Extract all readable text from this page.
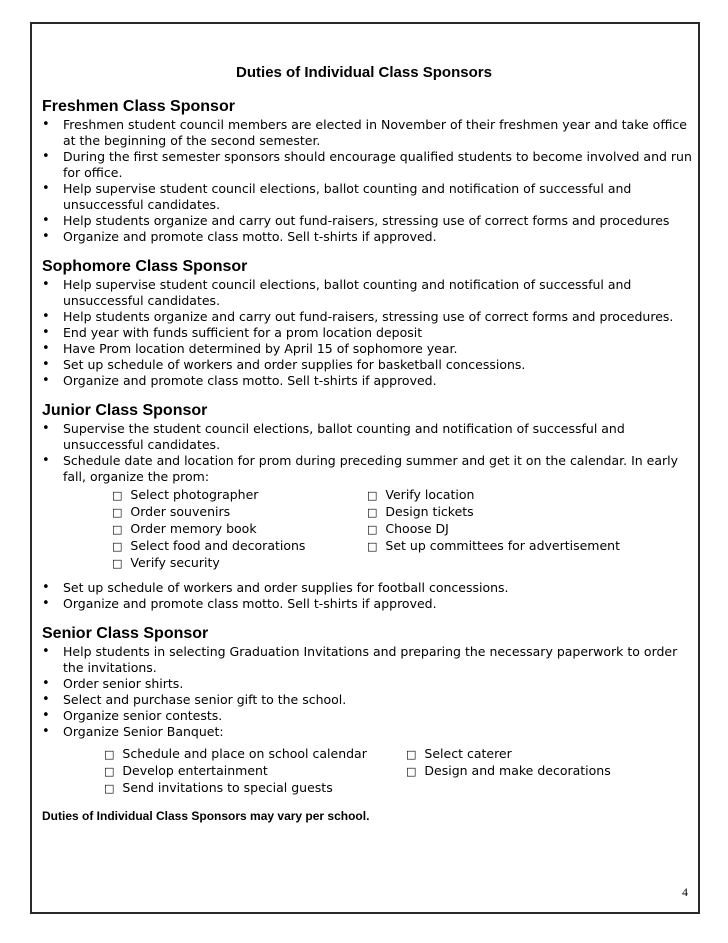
Duties of Individual Class Sponsors
Freshmen Class Sponsor
• Freshmen student council members are elected in November of their freshmen year and take office at the beginning of the second semester.
• During the first semester sponsors should encourage qualified students to become involved and run for office.
• Help supervise student council elections, ballot counting and notification of successful and unsuccessful candidates.
• Help students organize and carry out fund-raisers, stressing use of correct forms and procedures
• Organize and promote class motto. Sell t-shirts if approved.
Sophomore Class Sponsor
• Help supervise student council elections, ballot counting and notification of successful and unsuccessful candidates.
• Help students organize and carry out fund-raisers, stressing use of correct forms and procedures.
• End year with funds sufficient for a prom location deposit
• Have Prom location determined by April 15 of sophomore year.
• Set up schedule of workers and order supplies for basketball concessions.
• Organize and promote class motto. Sell t-shirts if approved.
Junior Class Sponsor
• Supervise the student council elections, ballot counting and notification of successful and unsuccessful candidates.
• Schedule date and location for prom during preceding summer and get it on the calendar. In early fall, organize the prom:
□ Select photographer	□ Verify location
□ Order souvenirs	□ Design tickets
□ Order memory book	□ Choose DJ
□ Select food and decorations	□ Set up committees for advertisement
□ Verify security
• Set up schedule of workers and order supplies for football concessions.
• Organize and promote class motto. Sell t-shirts if approved.
Senior Class Sponsor
• Help students in selecting Graduation Invitations and preparing the necessary paperwork to order the invitations.
• Order senior shirts.
• Select and purchase senior gift to the school.
• Organize senior contests.
• Organize Senior Banquet:
□ Schedule and place on school calendar	□ Select caterer
□ Develop entertainment	□ Design and make decorations
□ Send invitations to special guests
Duties of Individual Class Sponsors may vary per school.
4
